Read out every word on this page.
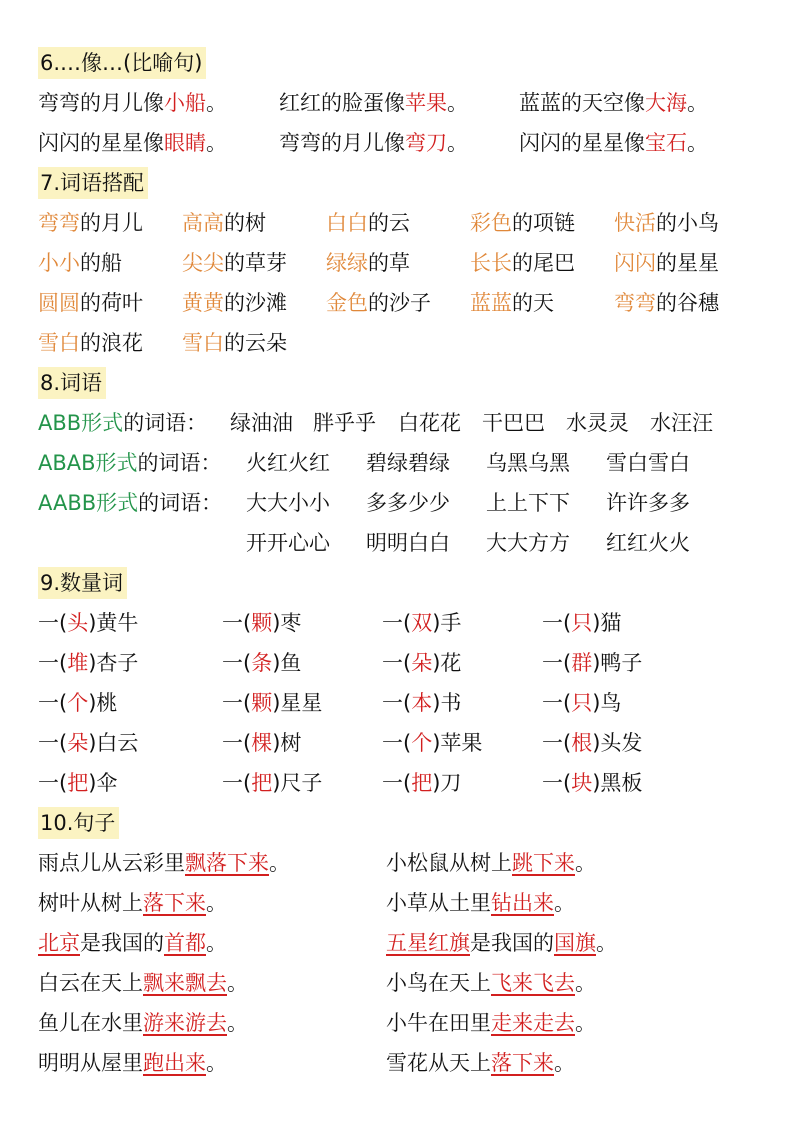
6.…像…(比喻句)
弯弯的月儿像小船。 红红的脸蛋像苹果。 蓝蓝的天空像大海。
闪闪的星星像眼睛。 弯弯的月儿像弯刀。 闪闪的星星像宝石。
7.词语搭配
弯弯的月儿 高高的树	白白的云	彩色的项链 快活的小鸟
小小的船	尖尖的草芽 绿绿的草	长长的尾巴 闪闪的星星
圆圆的荷叶 黄黄的沙滩 金色的沙子 蓝蓝的天	弯弯的谷穗
雪白的浪花 雪白的云朵
8.词语
ABB形式的词语： 绿油油 胖乎乎 白花花 干巴巴 水灵灵 水汪汪
ABAB形式的词语： 火红火红 碧绿碧绿 乌黑乌黑 雪白雪白
AABB形式的词语： 大大小小 多多少少 上上下下 许许多多
开开心心 明明白白 大大方方 红红火火
9.数量词
一(头)黄牛	一(颗)枣	一(双)手	一(只)猫
一(堆)杏子	一(条)鱼	一(朵)花	一(群)鸭子
一(个)桃	一(颗)星星	一(本)书	一(只)鸟
一(朵)白云	一(棵)树	一(个)苹果	一(根)头发
一(把)伞	一(把)尺子	一(把)刀	一(块)黑板
10.句子
雨点儿从云彩里飘落下来。	小松鼠从树上跳下来。
树叶从树上落下来。	小草从土里钻出来。
北京是我国的首都。	五星红旗是我国的国旗。
白云在天上飘来飘去。	小鸟在天上飞来飞去。
鱼儿在水里游来游去。	小牛在田里走来走去。
明明从屋里跑出来。	雪花从天上落下来。
